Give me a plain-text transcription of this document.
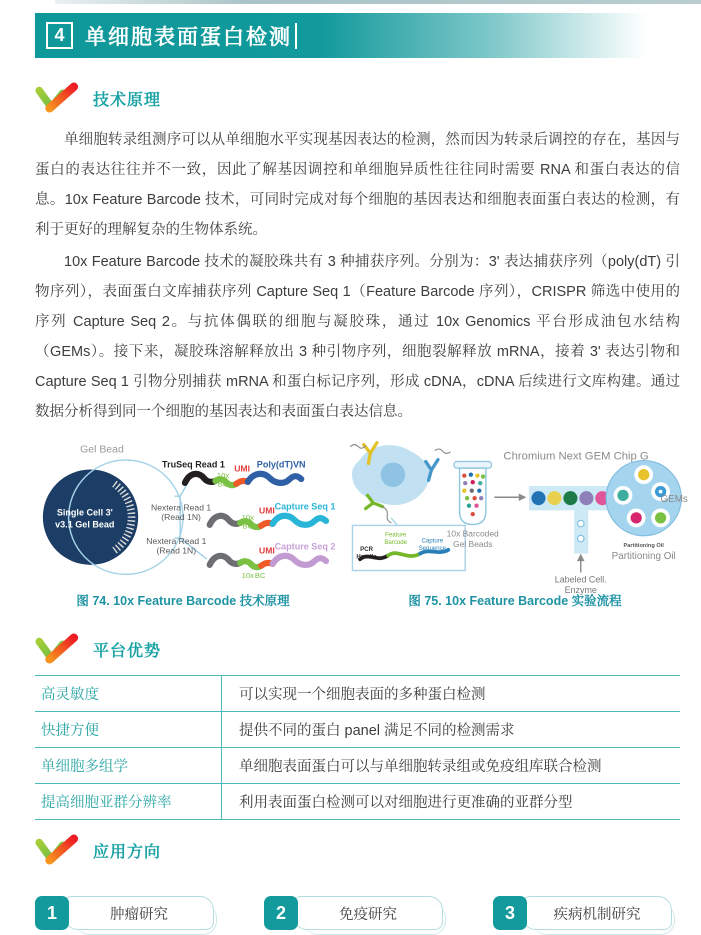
4 单细胞表面蛋白检测
技术原理

单细胞转录组测序可以从单细胞水平实现基因表达的检测，然而因为转录后调控的存在，基因与蛋白的表达往往并不一致，因此了解基因调控和单细胞异质性往往同时需要 RNA 和蛋白表达的信息。10x Feature Barcode 技术，可同时完成对每个细胞的基因表达和细胞表面蛋白表达的检测，有利于更好的理解复杂的生物体系统。

10x Feature Barcode 技术的凝胶珠共有 3 种捕获序列。分别为：3' 表达捕获序列（poly(dT) 引物序列），表面蛋白文库捕获序列 Capture Seq 1（Feature Barcode 序列），CRISPR 筛选中使用的序列 Capture Seq 2。与抗体偶联的细胞与凝胶珠，通过 10x Genomics 平台形成油包水结构（GEMs）。接下来，凝胶珠溶解释放出 3 种引物序列，细胞裂解释放 mRNA，接着 3' 表达引物和 Capture Seq 1 引物分别捕获 mRNA 和蛋白标记序列，形成 cDNA，cDNA 后续进行文库构建。通过数据分析得到同一个细胞的基因表达和表面蛋白表达信息。

Gel Bead
Single Cell 3'
v3.1 Gel Bead
TruSeq Read 1
10x
BC
UMI Poly(dT)VN
Nextera Read 1
(Read 1N)	10x
BC
UMI Capture Seq 1
Nextera Read 1
(Read 1N)
10x BC
UMI Capture Seq 2
图 74. 10x Feature Barcode 技术原理
Chromium Next GEM Chip G
Feature
Barcode Capture
Sequence
PCR
Handle
10x Barcoded
Gel Beads
Labeled Cell.
Enzyme
GEMs
Partitioning Oil
Partitioning Oil
图 75. 10x Feature Barcode 实验流程
平台优势
高灵敏度	可以实现一个细胞表面的多种蛋白检测
快捷方便	提供不同的蛋白 panel 满足不同的检测需求
单细胞多组学	单细胞表面蛋白可以与单细胞转录组或免疫组库联合检测
提高细胞亚群分辨率	利用表面蛋白检测可以对细胞进行更准确的亚群分型
应用方向
1	肿瘤研究	2	免疫研究	3	疾病机制研究
